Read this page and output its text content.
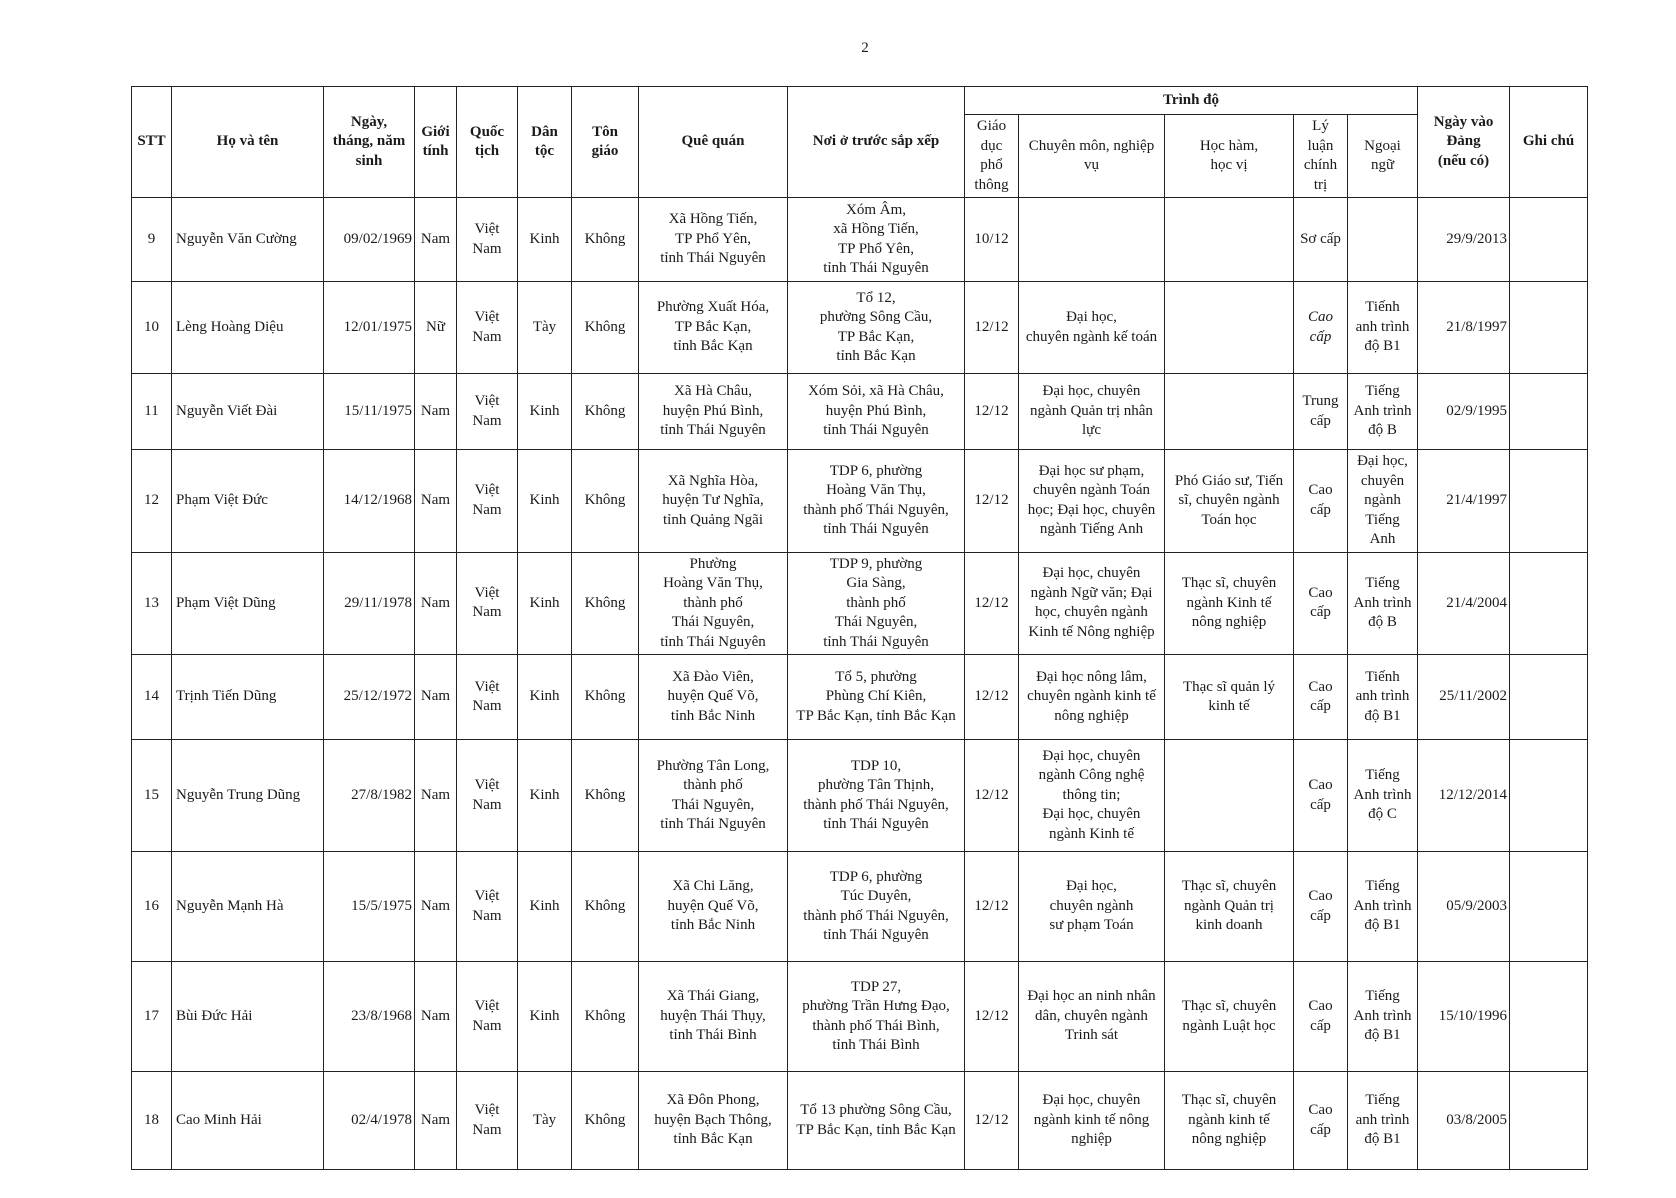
2
STT	Họ và tên	Ngày,
tháng, năm
sinh	Giới
tính	Quốc
tịch	Dân
tộc	Tôn
giáo	Quê quán	Nơi ở trước sắp xếp	Trình độ					Ngày vào
Đảng
(nếu có)	Ghi chú
									Giáo
dục
phổ
thông	Chuyên môn, nghiệp
vụ	Học hàm,
học vị	Lý
luận
chính
trị	Ngoại
ngữ		
9	Nguyễn Văn Cường	09/02/1969	Nam	Việt
Nam	Kinh	Không	Xã Hồng Tiến,
TP Phổ Yên,
tỉnh Thái Nguyên	Xóm Âm,
xã Hồng Tiến,
TP Phổ Yên,
tỉnh Thái Nguyên	10/12			Sơ cấp		29/9/2013	
10	Lèng Hoàng Diệu	12/01/1975	Nữ	Việt
Nam	Tày	Không	Phường Xuất Hóa,
TP Bắc Kạn,
tỉnh Bắc Kạn	Tổ 12,
phường Sông Cầu,
TP Bắc Kạn,
tỉnh Bắc Kạn	12/12	Đại học,
chuyên ngành kế toán		Cao
cấp	Tiếnh
anh trình
độ B1	21/8/1997	
11	Nguyễn Viết Đài	15/11/1975	Nam	Việt
Nam	Kinh	Không	Xã Hà Châu,
huyện Phú Bình,
tỉnh Thái Nguyên	Xóm Sỏi, xã Hà Châu,
huyện Phú Bình,
tỉnh Thái Nguyên	12/12	Đại học, chuyên
ngành Quản trị nhân
lực		Trung
cấp	Tiếng
Anh trình
độ B	02/9/1995	
12	Phạm Việt Đức	14/12/1968	Nam	Việt
Nam	Kinh	Không	Xã Nghĩa Hòa,
huyện Tư Nghĩa,
tỉnh Quảng Ngãi	TDP 6, phường
Hoàng Văn Thụ,
thành phố Thái Nguyên,
tỉnh Thái Nguyên	12/12	Đại học sư phạm,
chuyên ngành Toán
học; Đại học, chuyên
ngành Tiếng Anh	Phó Giáo sư, Tiến
sĩ, chuyên ngành
Toán học	Cao
cấp	Đại học,
chuyên
ngành
Tiếng
Anh	21/4/1997	
13	Phạm Việt Dũng	29/11/1978	Nam	Việt
Nam	Kinh	Không	Phường
Hoàng Văn Thụ,
thành phố
Thái Nguyên,
tỉnh Thái Nguyên	TDP 9, phường
Gia Sàng,
thành phố
Thái Nguyên,
tỉnh Thái Nguyên	12/12	Đại học, chuyên
ngành Ngữ văn; Đại
học, chuyên ngành
Kinh tế Nông nghiệp	Thạc sĩ, chuyên
ngành Kinh tế
nông nghiệp	Cao
cấp	Tiếng
Anh trình
độ B	21/4/2004	
14	Trịnh Tiến Dũng	25/12/1972	Nam	Việt
Nam	Kinh	Không	Xã Đào Viên,
huyện Quế Võ,
tỉnh Bắc Ninh	Tổ 5, phường
Phùng Chí Kiên,
TP Bắc Kạn, tỉnh Bắc Kạn	12/12	Đại học nông lâm,
chuyên ngành kinh tế
nông nghiệp	Thạc sĩ quản lý
kinh tế	Cao
cấp	Tiếnh
anh trình
độ B1	25/11/2002	
15	Nguyễn Trung Dũng	27/8/1982	Nam	Việt
Nam	Kinh	Không	Phường Tân Long,
thành phố
Thái Nguyên,
tỉnh Thái Nguyên	TDP 10,
phường Tân Thịnh,
thành phố Thái Nguyên,
tỉnh Thái Nguyên	12/12	Đại học, chuyên
ngành Công nghệ
thông tin;
Đại học, chuyên
ngành Kinh tế		Cao
cấp	Tiếng
Anh trình
độ C	12/12/2014	
16	Nguyễn Mạnh Hà	15/5/1975	Nam	Việt
Nam	Kinh	Không	Xã Chi Lăng,
huyện Quế Võ,
tỉnh Bắc Ninh	TDP 6, phường
Túc Duyên,
thành phố Thái Nguyên,
tỉnh Thái Nguyên	12/12	Đại học,
chuyên ngành
sư phạm Toán	Thạc sĩ, chuyên
ngành Quản trị
kinh doanh	Cao
cấp	Tiếng
Anh trình
độ B1	05/9/2003	
17	Bùi Đức Hải	23/8/1968	Nam	Việt
Nam	Kinh	Không	Xã Thái Giang,
huyện Thái Thụy,
tỉnh Thái Bình	TDP 27,
phường Trần Hưng Đạo,
thành phố Thái Bình,
tỉnh Thái Bình	12/12	Đại học an ninh nhân
dân, chuyên ngành
Trinh sát	Thạc sĩ, chuyên
ngành Luật học	Cao
cấp	Tiếng
Anh trình
độ B1	15/10/1996	
18	Cao Minh Hải	02/4/1978	Nam	Việt
Nam	Tày	Không	Xã Đôn Phong,
huyện Bạch Thông,
tỉnh Bắc Kạn	Tổ 13 phường Sông Cầu,
TP Bắc Kạn, tỉnh Bắc Kạn	12/12	Đại học, chuyên
ngành kinh tế nông
nghiệp	Thạc sĩ, chuyên
ngành kinh tế
nông nghiệp	Cao
cấp	Tiếng
anh trình
độ B1	03/8/2005	
